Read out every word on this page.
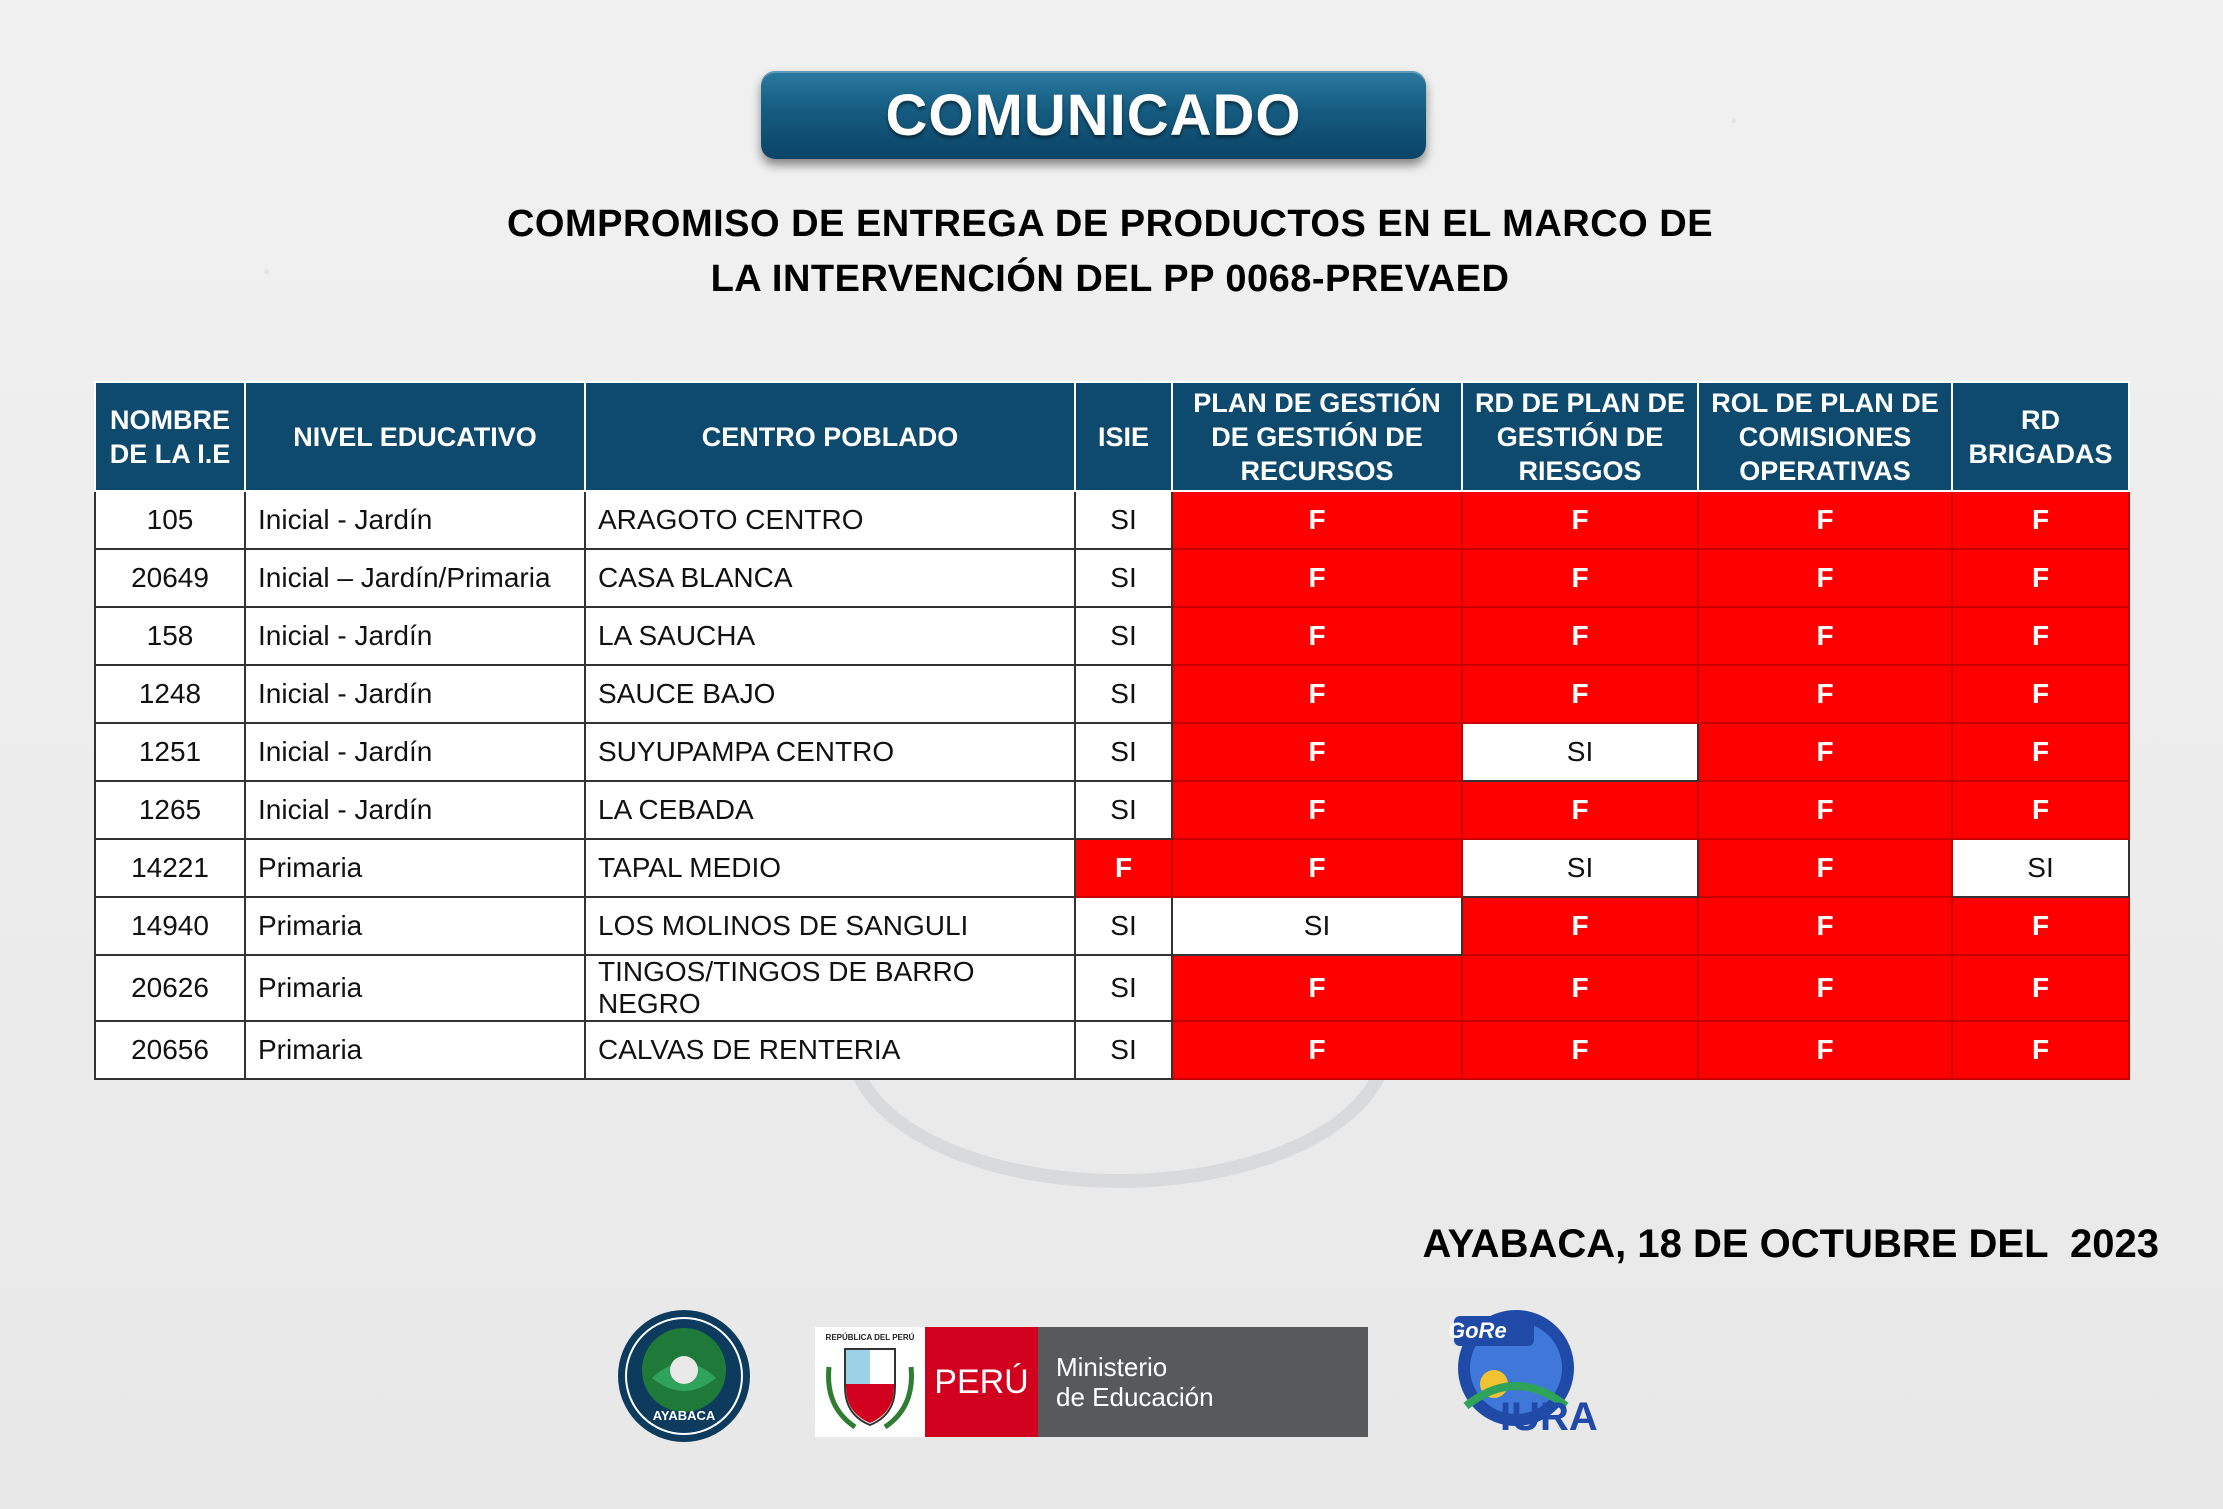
COMUNICADO
COMPROMISO DE ENTREGA DE PRODUCTOS EN EL MARCO DE
LA INTERVENCIÓN DEL PP 0068-PREVAED
NOMBRE DE LA I.E	NIVEL EDUCATIVO	CENTRO POBLADO	ISIE	PLAN DE GESTIÓN DE GESTIÓN DE RECURSOS	RD DE PLAN DE GESTIÓN DE RIESGOS	ROL DE PLAN DE COMISIONES OPERATIVAS	RD BRIGADAS
105	Inicial - Jardín	ARAGOTO CENTRO	SI	F	F	F	F
20649	Inicial – Jardín/Primaria	CASA BLANCA	SI	F	F	F	F
158	Inicial - Jardín	LA SAUCHA	SI	F	F	F	F
1248	Inicial - Jardín	SAUCE BAJO	SI	F	F	F	F
1251	Inicial - Jardín	SUYUPAMPA CENTRO	SI	F	SI	F	F
1265	Inicial - Jardín	LA CEBADA	SI	F	F	F	F
14221	Primaria	TAPAL MEDIO	F	F	SI	F	SI
14940	Primaria	LOS MOLINOS DE SANGULI	SI	SI	F	F	F
20626	Primaria	TINGOS/TINGOS DE BARRO NEGRO	SI	F	F	F	F
20656	Primaria	CALVAS DE RENTERIA	SI	F	F	F	F
AYABACA, 18 DE OCTUBRE DEL  2023
AYABACA
REPÚBLICA DEL PERÚ
PERÚ	Ministerio
de Educación
GoRe
IURA
